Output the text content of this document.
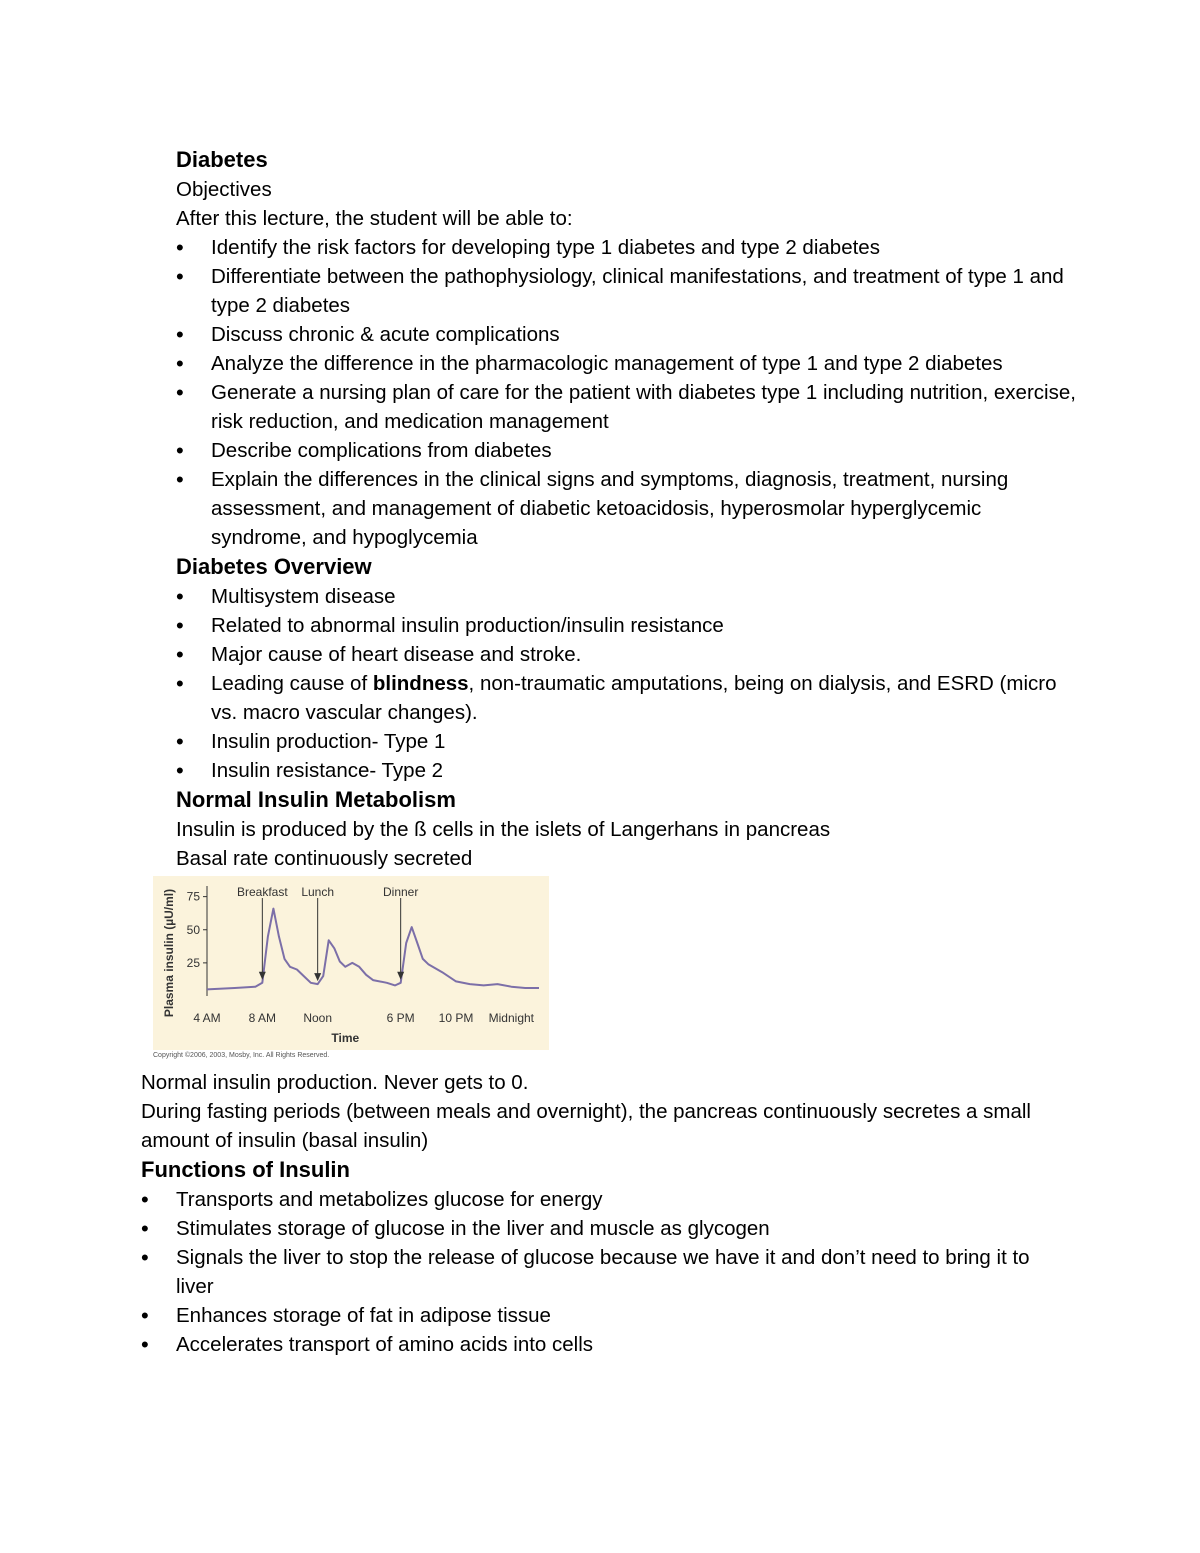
Diabetes
Objectives
After this lecture, the student will be able to:
• Identify the risk factors for developing type 1 diabetes and type 2 diabetes
• Differentiate between the pathophysiology, clinical manifestations, and treatment of type 1 and type 2 diabetes
• Discuss chronic & acute complications
• Analyze the difference in the pharmacologic management of type 1 and type 2 diabetes
• Generate a nursing plan of care for the patient with diabetes type 1 including nutrition, exercise, risk reduction, and medication management
• Describe complications from diabetes
• Explain the differences in the clinical signs and symptoms, diagnosis, treatment, nursing assessment, and management of diabetic ketoacidosis, hyperosmolar hyperglycemic syndrome, and hypoglycemia
Diabetes Overview
• Multisystem disease
• Related to abnormal insulin production/insulin resistance
• Major cause of heart disease and stroke.
• Leading cause of blindness, non-traumatic amputations, being on dialysis, and ESRD (micro vs. macro vascular changes).
• Insulin production- Type 1
• Insulin resistance- Type 2
Normal Insulin Metabolism
Insulin is produced by the ß cells in the islets of Langerhans in pancreas
Basal rate continuously secreted
25
50
75
4 AM 8 AM Noon	6 PM 10 PM Midnight
Time
Plasma insulin (µU/ml)	Breakfast Lunch	Dinner
Copyright ©2006, 2003, Mosby, Inc. All Rights Reserved.
Normal insulin production. Never gets to 0.
During fasting periods (between meals and overnight), the pancreas continuously secretes a small amount of insulin (basal insulin)
Functions of Insulin
• Transports and metabolizes glucose for energy
• Stimulates storage of glucose in the liver and muscle as glycogen
• Signals the liver to stop the release of glucose because we have it and don’t need to bring it to liver
• Enhances storage of fat in adipose tissue
• Accelerates transport of amino acids into cells
